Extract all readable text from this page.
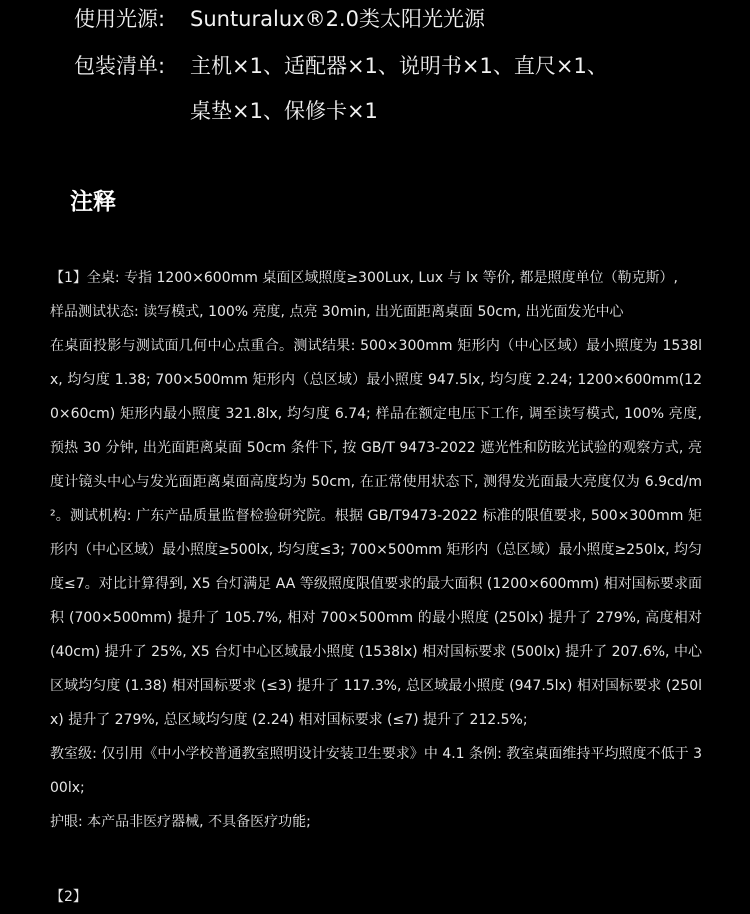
使用光源: Sunturalux®2.0类太阳光光源
包装清单: 主机×1、适配器×1、说明书×1、直尺×1、
桌垫×1、保修卡×1
注释

【1】全桌: 专指 1200×600mm 桌面区域照度≥300Lux, Lux 与 lx 等价, 都是照度单位（勒克斯）,

样品测试状态: 读写模式, 100% 亮度, 点亮 30min, 出光面距离桌面 50cm, 出光面发光中心

在桌面投影与测试面几何中心点重合。测试结果: 500×300mm 矩形内（中心区域）最小照度为 1538lx, 均匀度 1.38; 700×500mm 矩形内（总区域）最小照度 947.5lx, 均匀度 2.24; 1200×600mm(120×60cm) 矩形内最小照度 321.8lx, 均匀度 6.74; 样品在额定电压下工作, 调至读写模式, 100% 亮度, 预热 30 分钟, 出光面距离桌面 50cm 条件下, 按 GB/T 9473-2022 遮光性和防眩光试验的观察方式, 亮度计镜头中心与发光面距离桌面高度均为 50cm, 在正常使用状态下, 测得发光面最大亮度仅为 6.9cd/m²。测试机构: 广东产品质量监督检验研究院。根据 GB/T9473-2022 标准的限值要求, 500×300mm 矩形内（中心区域）最小照度≥500lx, 均匀度≤3; 700×500mm 矩形内（总区域）最小照度≥250lx, 均匀度≤7。对比计算得到, X5 台灯满足 AA 等级照度限值要求的最大面积 (1200×600mm) 相对国标要求面积 (700×500mm) 提升了 105.7%, 相对 700×500mm 的最小照度 (250lx) 提升了 279%, 高度相对 (40cm) 提升了 25%, X5 台灯中心区域最小照度 (1538lx) 相对国标要求 (500lx) 提升了 207.6%, 中心区域均匀度 (1.38) 相对国标要求 (≤3) 提升了 117.3%, 总区域最小照度 (947.5lx) 相对国标要求 (250lx) 提升了 279%, 总区域均匀度 (2.24) 相对国标要求 (≤7) 提升了 212.5%;

教室级: 仅引用《中小学校普通教室照明设计安装卫生要求》中 4.1 条例: 教室桌面维持平均照度不低于 300lx;

护眼: 本产品非医疗器械, 不具备医疗功能;

【2】
